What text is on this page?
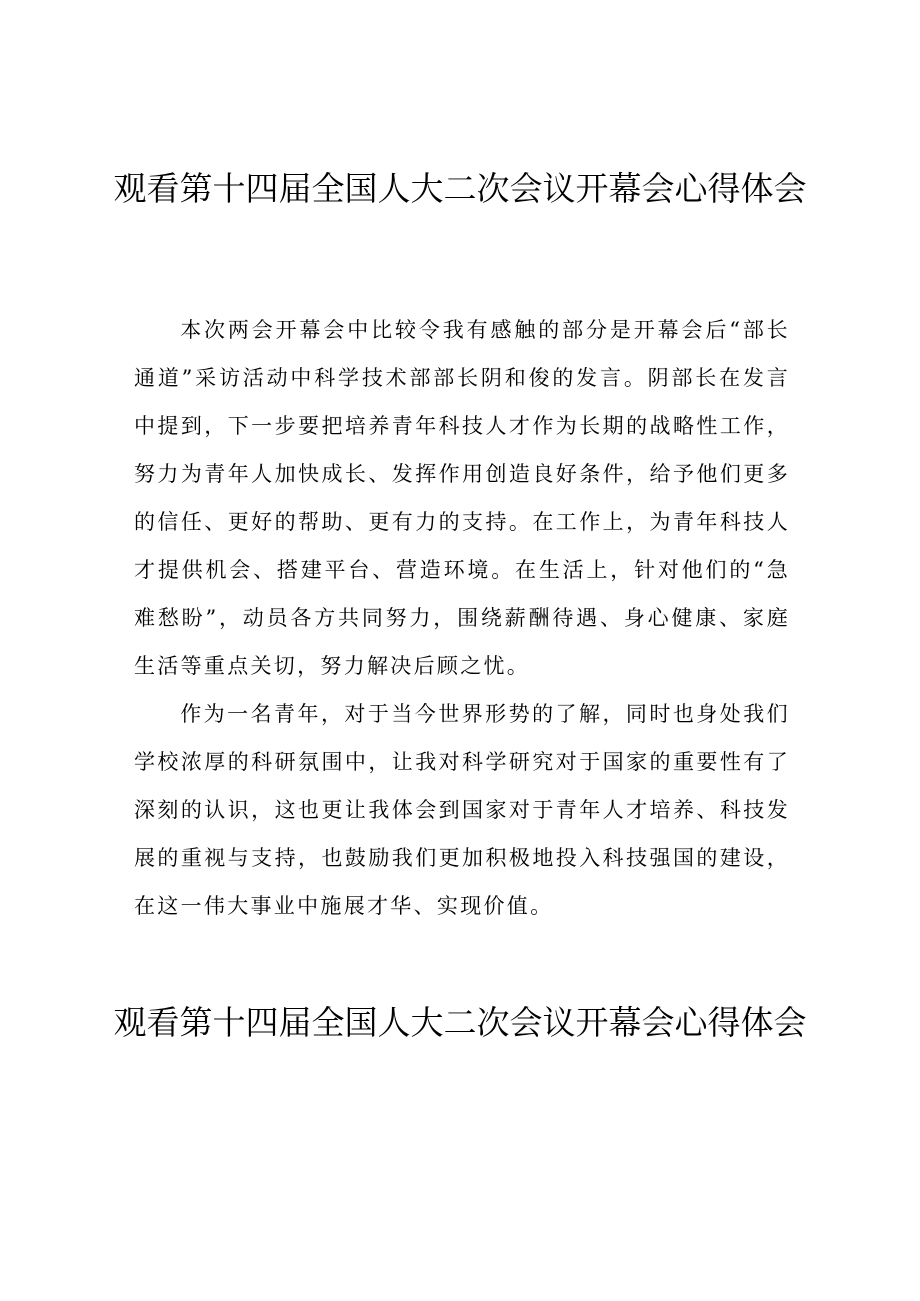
观看第十四届全国人大二次会议开幕会心得体会

本次两会开幕会中比较令我有感触的部分是开幕会后“部长通道”采访活动中科学技术部部长阴和俊的发言。阴部长在发言中提到，下一步要把培养青年科技人才作为长期的战略性工作，努力为青年人加快成长、发挥作用创造良好条件，给予他们更多的信任、更好的帮助、更有力的支持。在工作上，为青年科技人才提供机会、搭建平台、营造环境。在生活上，针对他们的“急难愁盼”，动员各方共同努力，围绕薪酬待遇、身心健康、家庭生活等重点关切，努力解决后顾之忧。

作为一名青年，对于当今世界形势的了解，同时也身处我们学校浓厚的科研氛围中，让我对科学研究对于国家的重要性有了深刻的认识，这也更让我体会到国家对于青年人才培养、科技发展的重视与支持，也鼓励我们更加积极地投入科技强国的建设，在这一伟大事业中施展才华、实现价值。

观看第十四届全国人大二次会议开幕会心得体会
